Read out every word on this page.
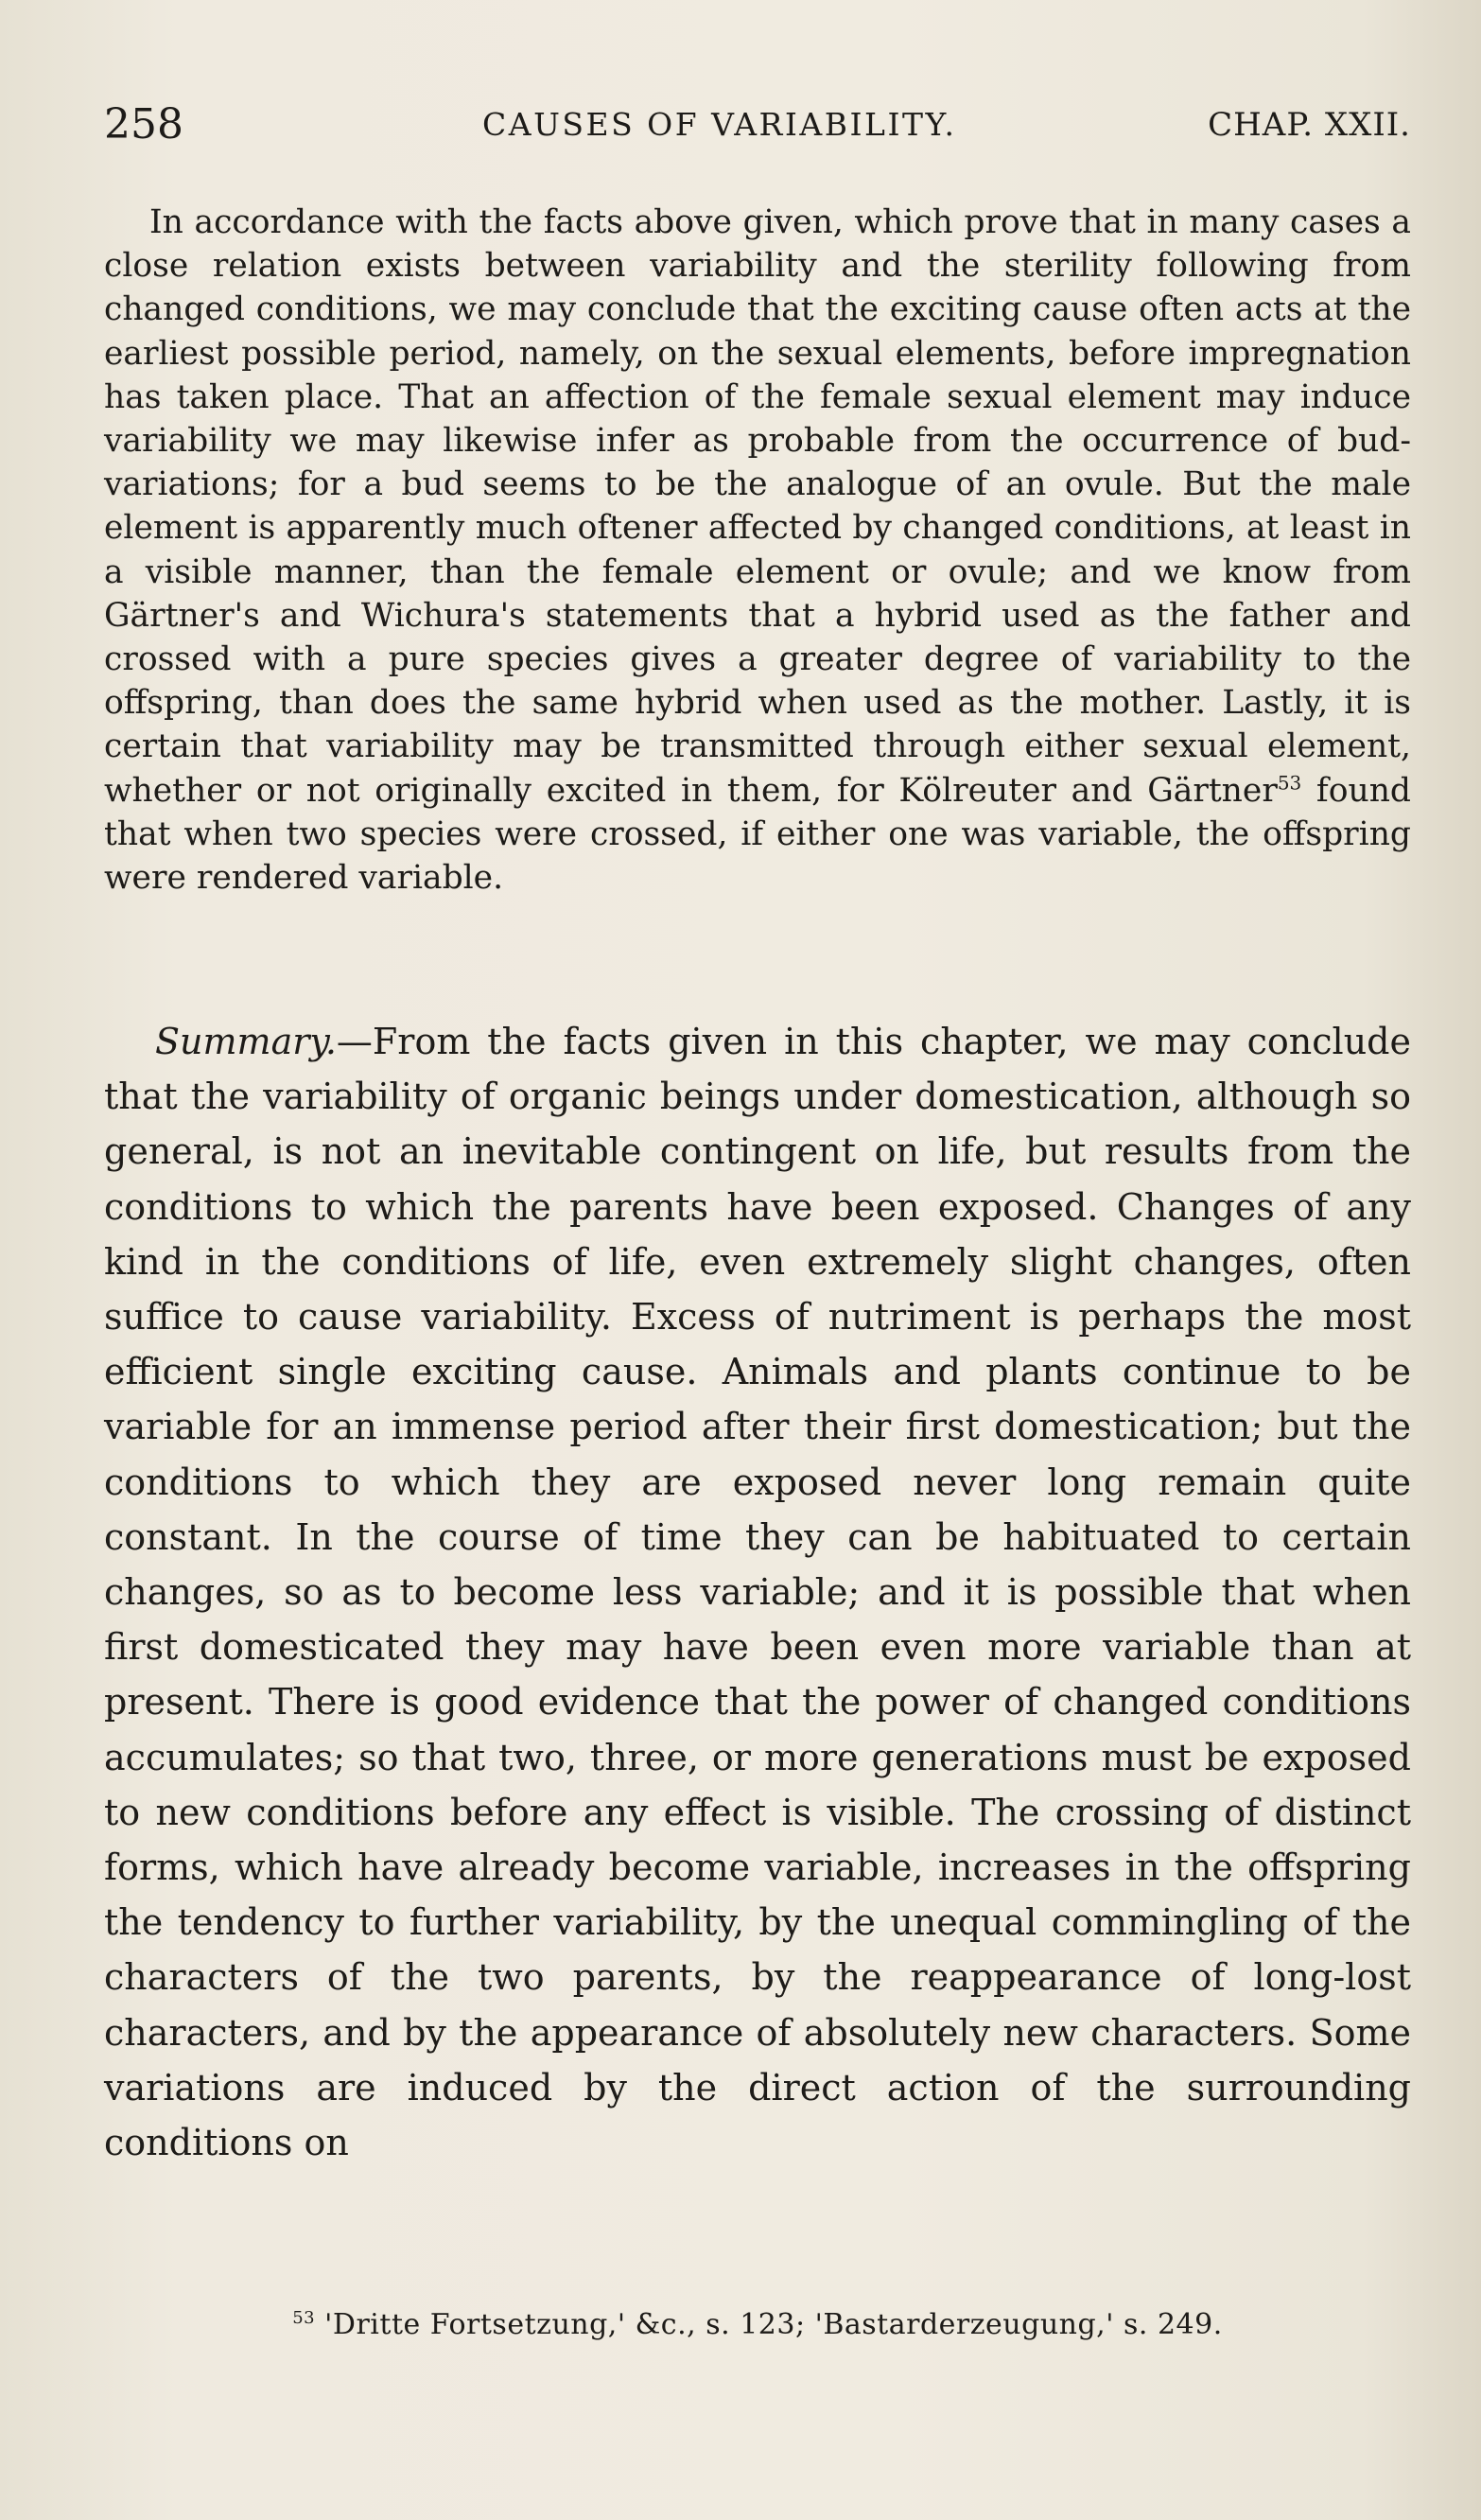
258	CAUSES OF VARIABILITY.	CHAP. XXII.

In accordance with the facts above given, which prove that in many cases a close relation exists between variability and the sterility following from changed conditions, we may conclude that the exciting cause often acts at the earliest possible period, namely, on the sexual elements, before impregnation has taken place. That an affection of the female sexual element may induce variability we may likewise infer as probable from the occurrence of bud-variations; for a bud seems to be the analogue of an ovule. But the male element is apparently much oftener affected by changed conditions, at least in a visible manner, than the female element or ovule; and we know from Gärtner's and Wichura's statements that a hybrid used as the father and crossed with a pure species gives a greater degree of variability to the offspring, than does the same hybrid when used as the mother. Lastly, it is certain that variability may be transmitted through either sexual element, whether or not originally excited in them, for Kölreuter and Gärtner$^{53}$ found that when two species were crossed, if either one was variable, the offspring were rendered variable.

Summary.—From the facts given in this chapter, we may conclude that the variability of organic beings under domestication, although so general, is not an inevitable contingent on life, but results from the conditions to which the parents have been exposed. Changes of any kind in the conditions of life, even extremely slight changes, often suffice to cause variability. Excess of nutriment is perhaps the most efficient single exciting cause. Animals and plants continue to be variable for an immense period after their first domestication; but the conditions to which they are exposed never long remain quite constant. In the course of time they can be habituated to certain changes, so as to become less variable; and it is possible that when first domesticated they may have been even more variable than at present. There is good evidence that the power of changed conditions accumulates; so that two, three, or more generations must be exposed to new conditions before any effect is visible. The crossing of distinct forms, which have already become variable, increases in the offspring the tendency to further variability, by the unequal commingling of the characters of the two parents, by the reappearance of long-lost characters, and by the appearance of absolutely new characters. Some variations are induced by the direct action of the surrounding conditions on

$^{53}$ 'Dritte Fortsetzung,' &c., s. 123; 'Bastarderzeugung,' s. 249.
